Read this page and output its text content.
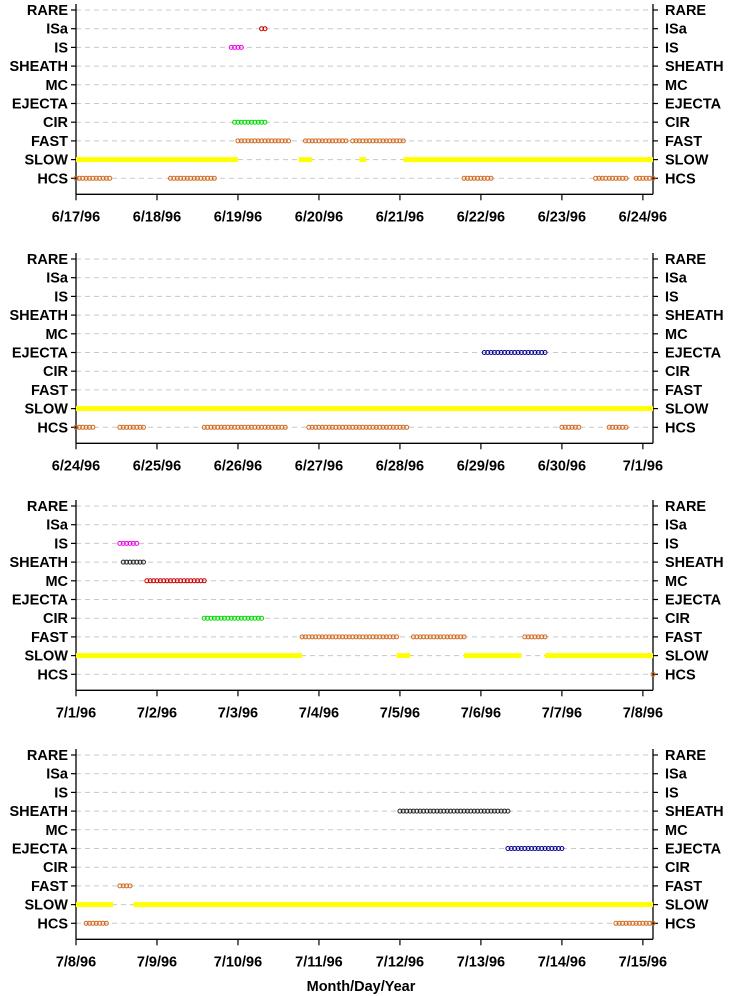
Month/Day/Year
RARE	RARE
ISa	ISa
IS	IS
SHEATH	SHEATH
MC	MC
EJECTA	EJECTA
CIR	CIR
FAST	FAST
SLOW	SLOW
HCS	HCS
6/17/96 6/18/96 6/19/96 6/20/96 6/21/96 6/22/96 6/23/96 6/24/96
RARE	RARE
ISa	ISa
IS	IS
SHEATH	SHEATH
MC	MC
EJECTA	EJECTA
CIR	CIR
FAST	FAST
SLOW	SLOW
HCS	HCS
6/24/96 6/25/96 6/26/96 6/27/96 6/28/96 6/29/96 6/30/96	7/1/96
RARE	RARE
ISa	ISa
IS	IS
SHEATH	SHEATH
MC	MC
EJECTA	EJECTA
CIR	CIR
FAST	FAST
SLOW	SLOW
HCS	HCS
7/1/96	7/2/96	7/3/96	7/4/96	7/5/96	7/6/96	7/7/96	7/8/96
RARE	RARE
ISa	ISa
IS	IS
SHEATH	SHEATH
MC	MC
EJECTA	EJECTA
CIR	CIR
FAST	FAST
SLOW	SLOW
HCS	HCS
7/8/96	7/9/96	7/10/96 7/11/96 7/12/96 7/13/96 7/14/96 7/15/96
